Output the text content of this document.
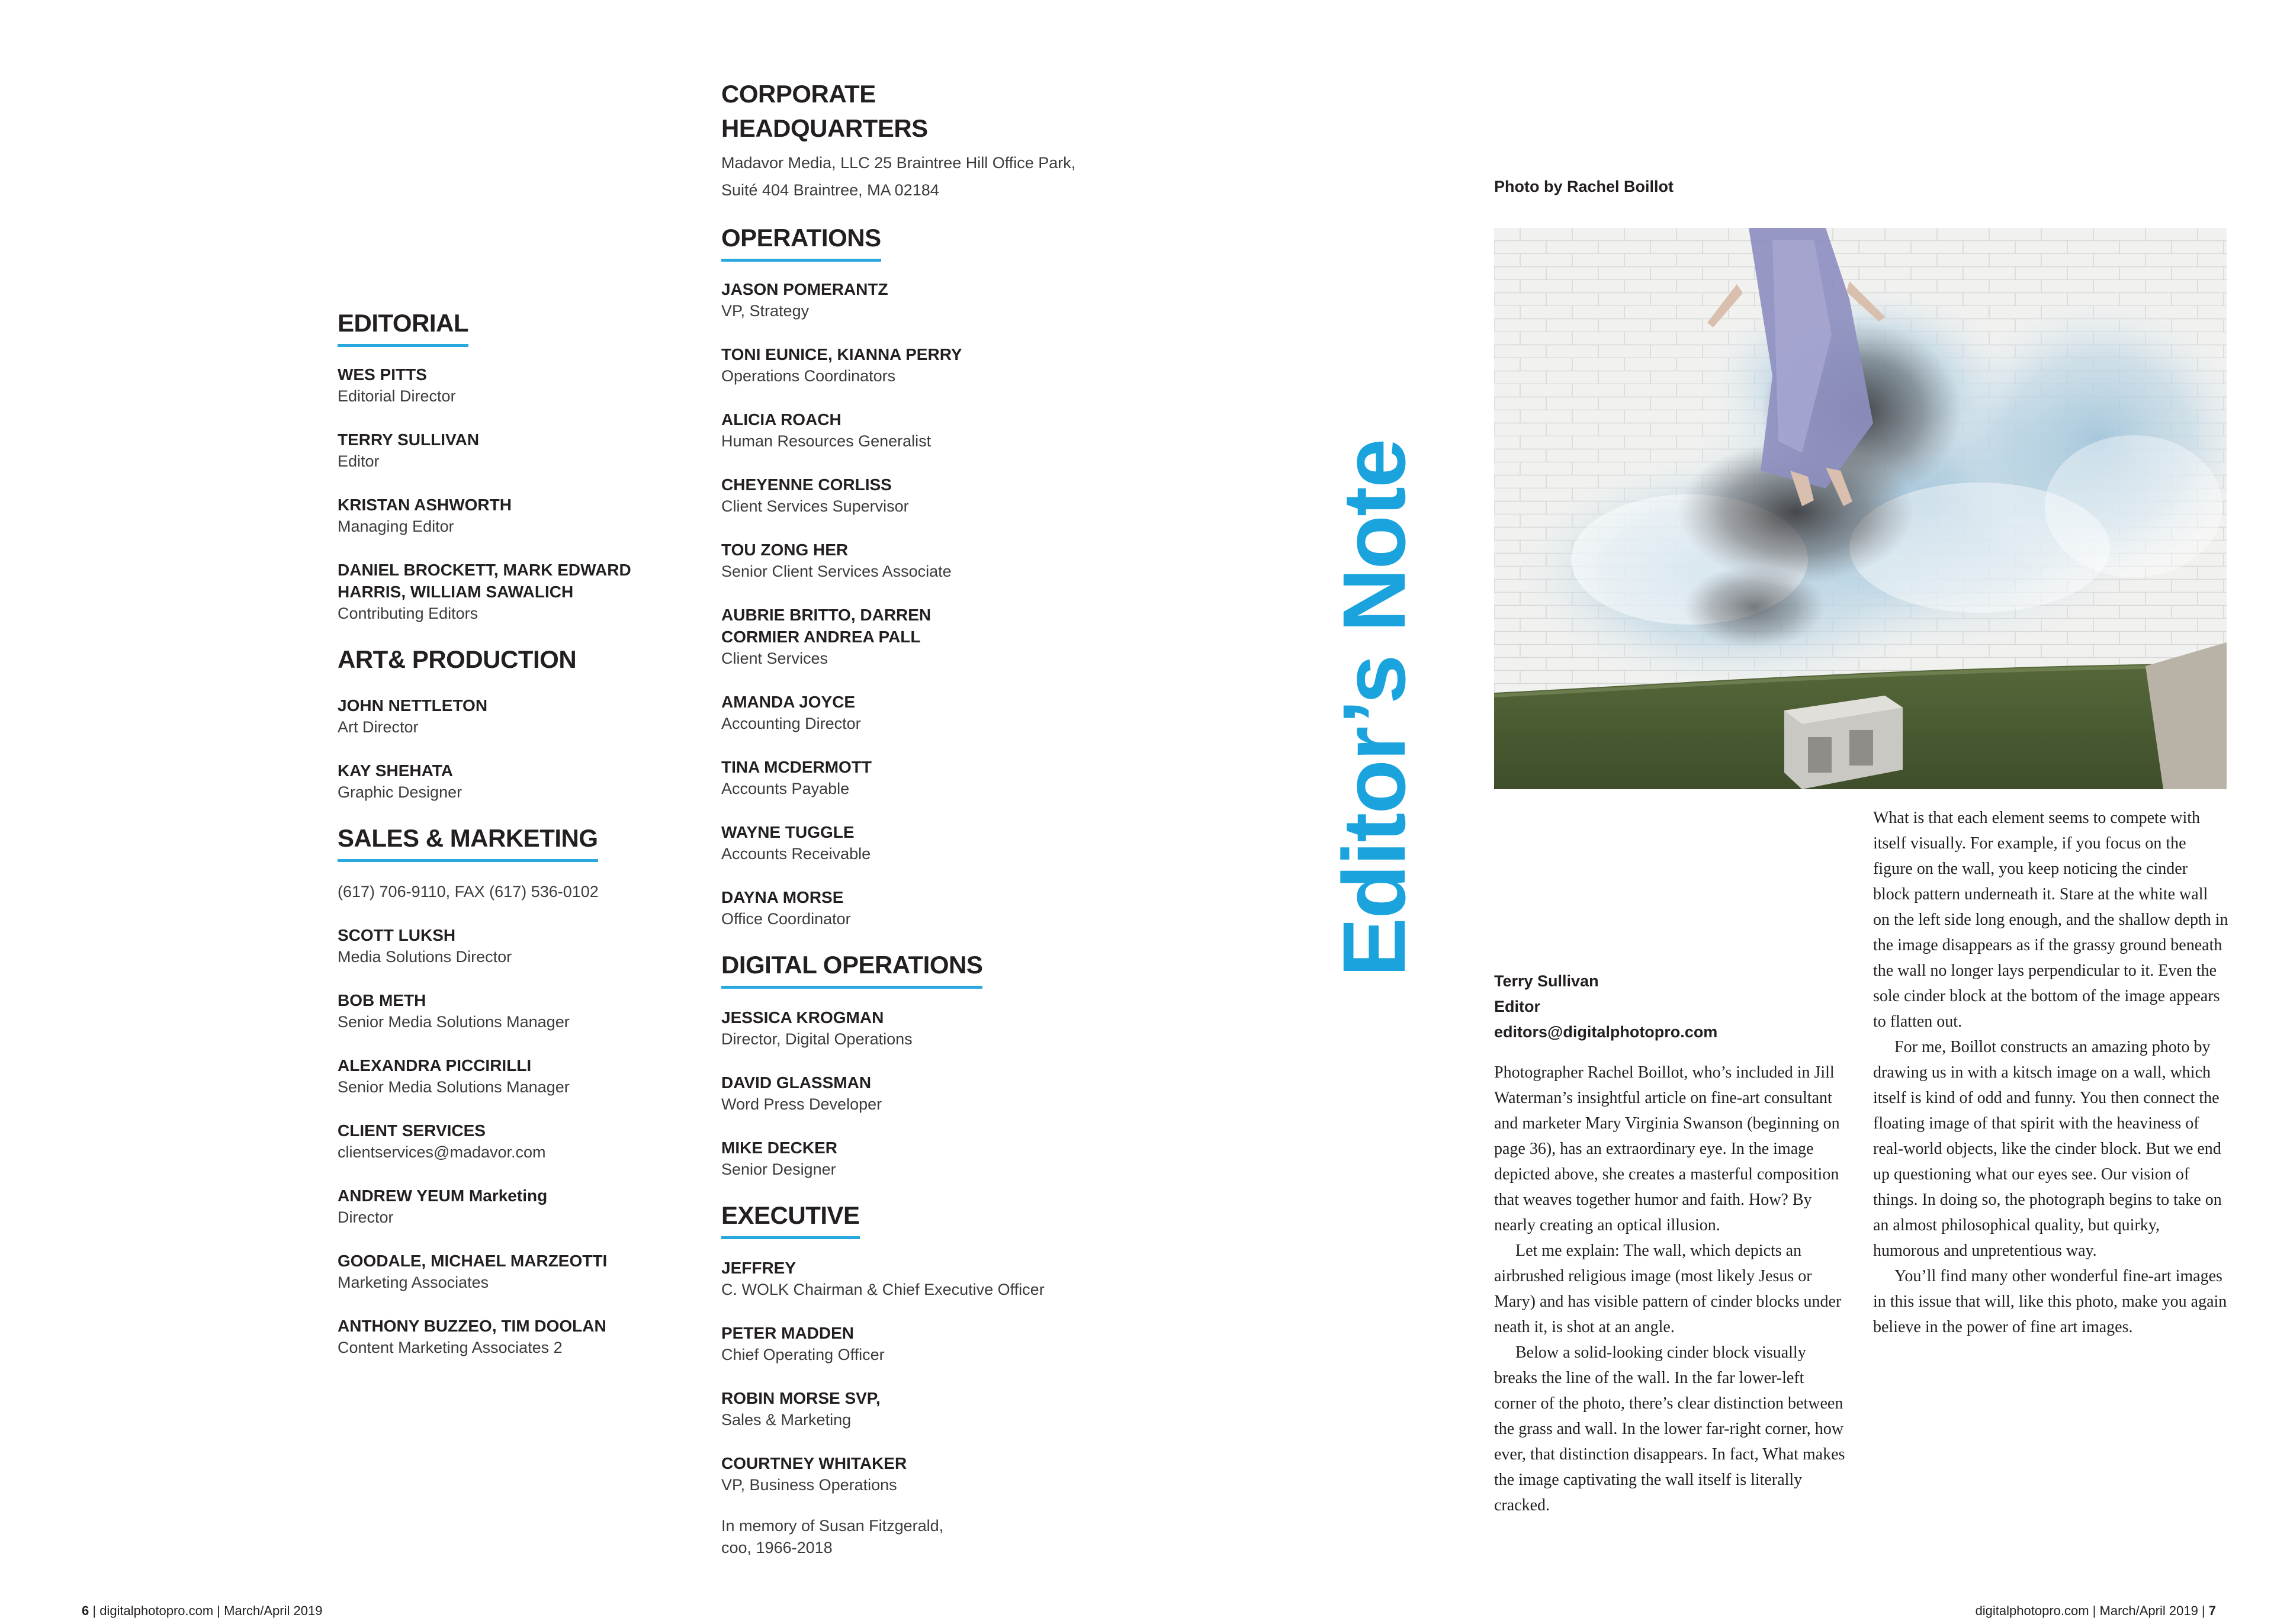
CORPORATE
HEADQUARTERS
Madavor Media, LLC 25 Braintree Hill Office Park,
Suité 404 Braintree, MA 02184
EDITORIAL
WES PITTS
Editorial Director
TERRY SULLIVAN
Editor
KRISTAN ASHWORTH
Managing Editor
DANIEL BROCKETT, MARK EDWARD
HARRIS, WILLIAM SAWALICH
Contributing Editors
ART& PRODUCTION
JOHN NETTLETON
Art Director
KAY SHEHATA
Graphic Designer
SALES & MARKETING
(617) 706-9110, FAX (617) 536-0102
SCOTT LUKSH
Media Solutions Director
BOB METH
Senior Media Solutions Manager
ALEXANDRA PICCIRILLI
Senior Media Solutions Manager
CLIENT SERVICES
clientservices@madavor.com
ANDREW YEUM Marketing
Director
GOODALE, MICHAEL MARZEOTTI
Marketing Associates
ANTHONY BUZZEO, TIM DOOLAN
Content Marketing Associates 2
OPERATIONS
JASON POMERANTZ
VP, Strategy
TONI EUNICE, KIANNA PERRY
Operations Coordinators
ALICIA ROACH
Human Resources Generalist
CHEYENNE CORLISS
Client Services Supervisor
TOU ZONG HER
Senior Client Services Associate
AUBRIE BRITTO, DARREN
CORMIER ANDREA PALL
Client Services
AMANDA JOYCE
Accounting Director
TINA MCDERMOTT
Accounts Payable
WAYNE TUGGLE
Accounts Receivable
DAYNA MORSE
Office Coordinator
DIGITAL OPERATIONS
JESSICA KROGMAN
Director, Digital Operations
DAVID GLASSMAN
Word Press Developer
MIKE DECKER
Senior Designer
EXECUTIVE
JEFFREY
C. WOLK Chairman & Chief Executive Officer
PETER MADDEN
Chief Operating Officer
ROBIN MORSE SVP,
Sales & Marketing
COURTNEY WHITAKER
VP, Business Operations
In memory of Susan Fitzgerald,
coo, 1966-2018
Editor’s Note
Photo by Rachel Boillot
Terry Sullivan
Editor
editors@digitalphotopro.com

Photographer Rachel Boillot, who’s included in Jill Waterman’s insightful article on fine-art consultant and marketer Mary Virginia Swanson (beginning on page 36), has an extraordinary eye. In the image depicted above, she creates a masterful composition that weaves together humor and faith. How? By nearly creating an optical illusion.

Let me explain: The wall, which depicts an airbrushed religious image (most likely Jesus or Mary) and has visible pattern of cinder blocks under neath it, is shot at an angle.

Below a solid-looking cinder block visually breaks the line of the wall. In the far lower-left corner of the photo, there’s clear distinction between the grass and wall. In the lower far-right corner, how ever, that distinction disappears. In fact, What makes the image captivating the wall itself is literally cracked.

What is that each element seems to compete with itself visually. For example, if you focus on the figure on the wall, you keep noticing the cinder block pattern underneath it. Stare at the white wall on the left side long enough, and the shallow depth in the image disappears as if the grassy ground beneath the wall no longer lays perpendicular to it. Even the sole cinder block at the bottom of the image appears to flatten out.

For me, Boillot constructs an amazing photo by drawing us in with a kitsch image on a wall, which itself is kind of odd and funny. You then connect the floating image of that spirit with the heaviness of real-world objects, like the cinder block. But we end up questioning what our eyes see. Our vision of things. In doing so, the photograph begins to take on an almost philosophical quality, but quirky, humorous and unpretentious way.

You’ll find many other wonderful fine-art images in this issue that will, like this photo, make you again believe in the power of fine art images.

6 | digitalphotopro.com | March/April 2019	digitalphotopro.com | March/April 2019 | 7
